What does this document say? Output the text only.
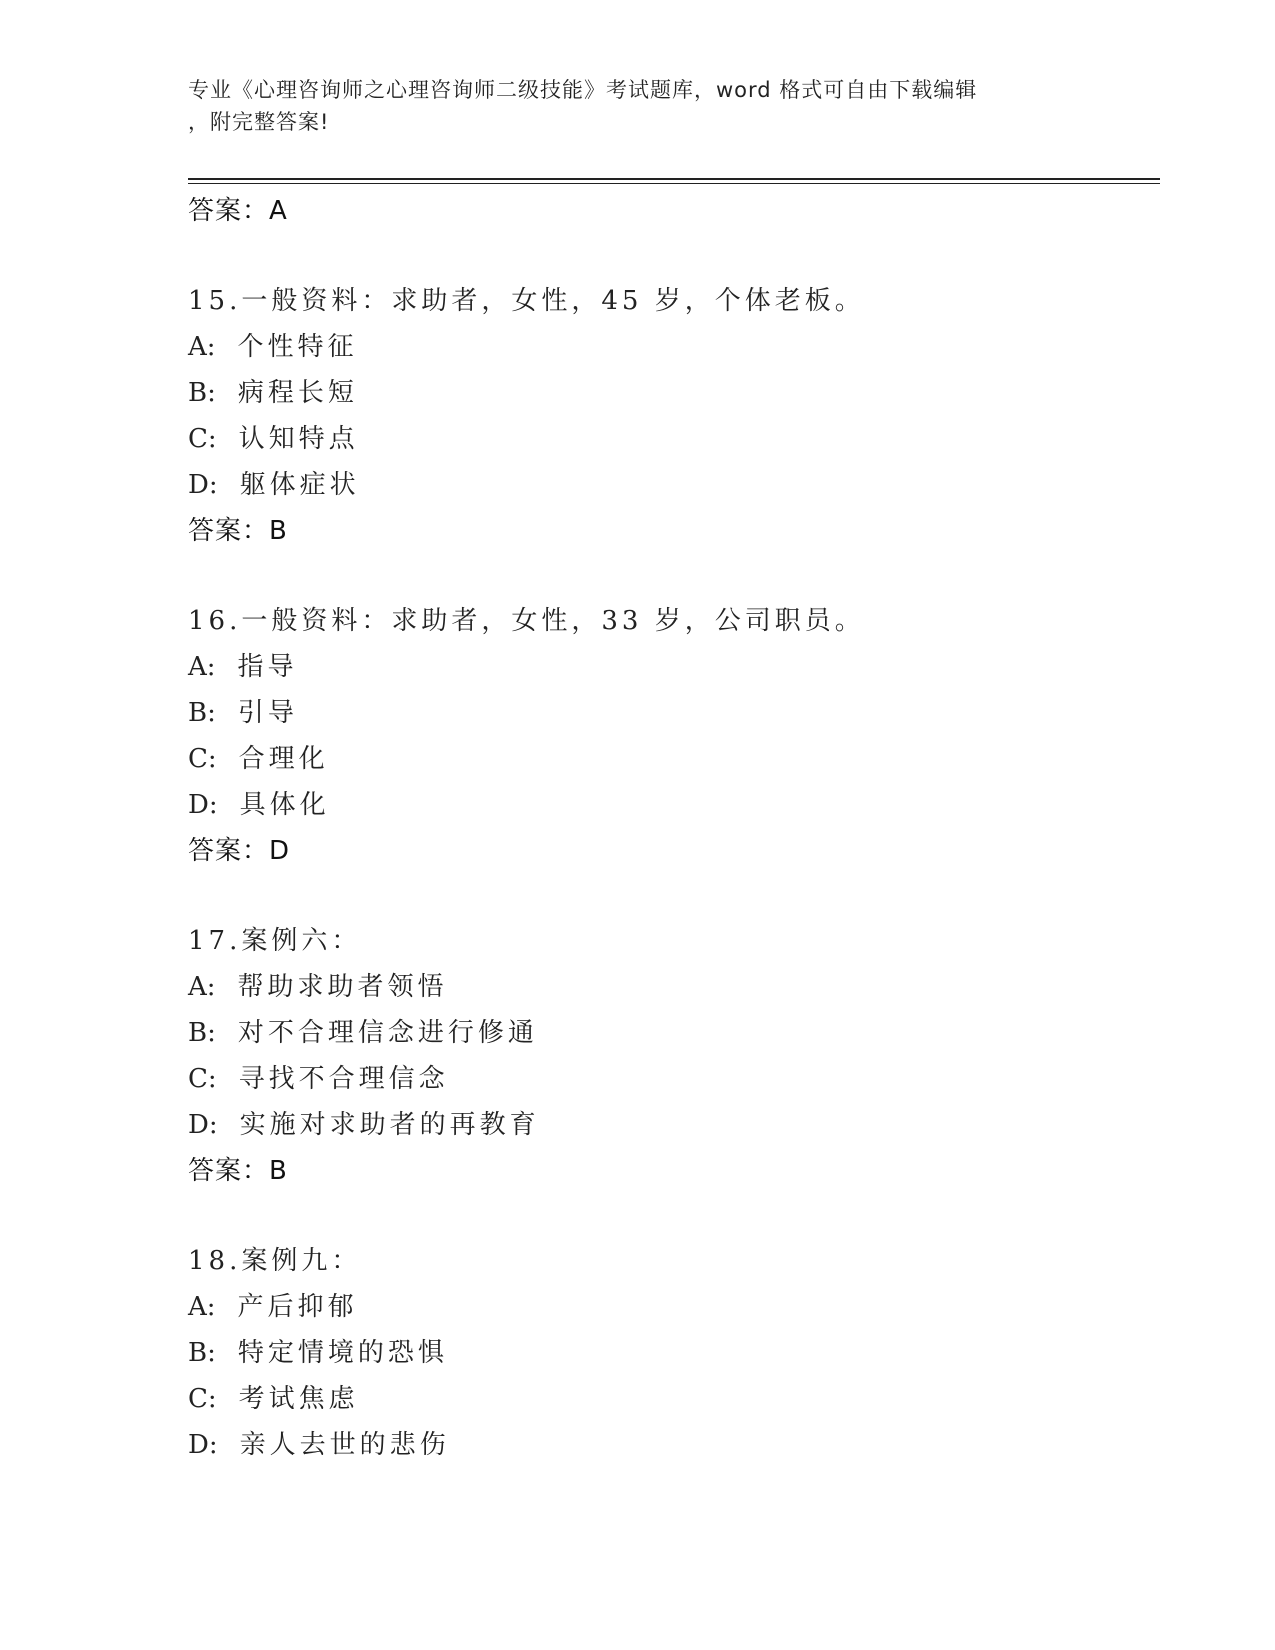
专业《心理咨询师之心理咨询师二级技能》考试题库，word 格式可自由下载编辑
，附完整答案!
答案：A
15.一般资料：求助者，女性，45 岁，个体老板。
A: 个性特征
B: 病程长短
C: 认知特点
D: 躯体症状
答案：B
16.一般资料：求助者，女性，33 岁，公司职员。
A: 指导
B: 引导
C: 合理化
D: 具体化
答案：D
17.案例六：
A: 帮助求助者领悟
B: 对不合理信念进行修通
C: 寻找不合理信念
D: 实施对求助者的再教育
答案：B
18.案例九：
A: 产后抑郁
B: 特定情境的恐惧
C: 考试焦虑
D: 亲人去世的悲伤
